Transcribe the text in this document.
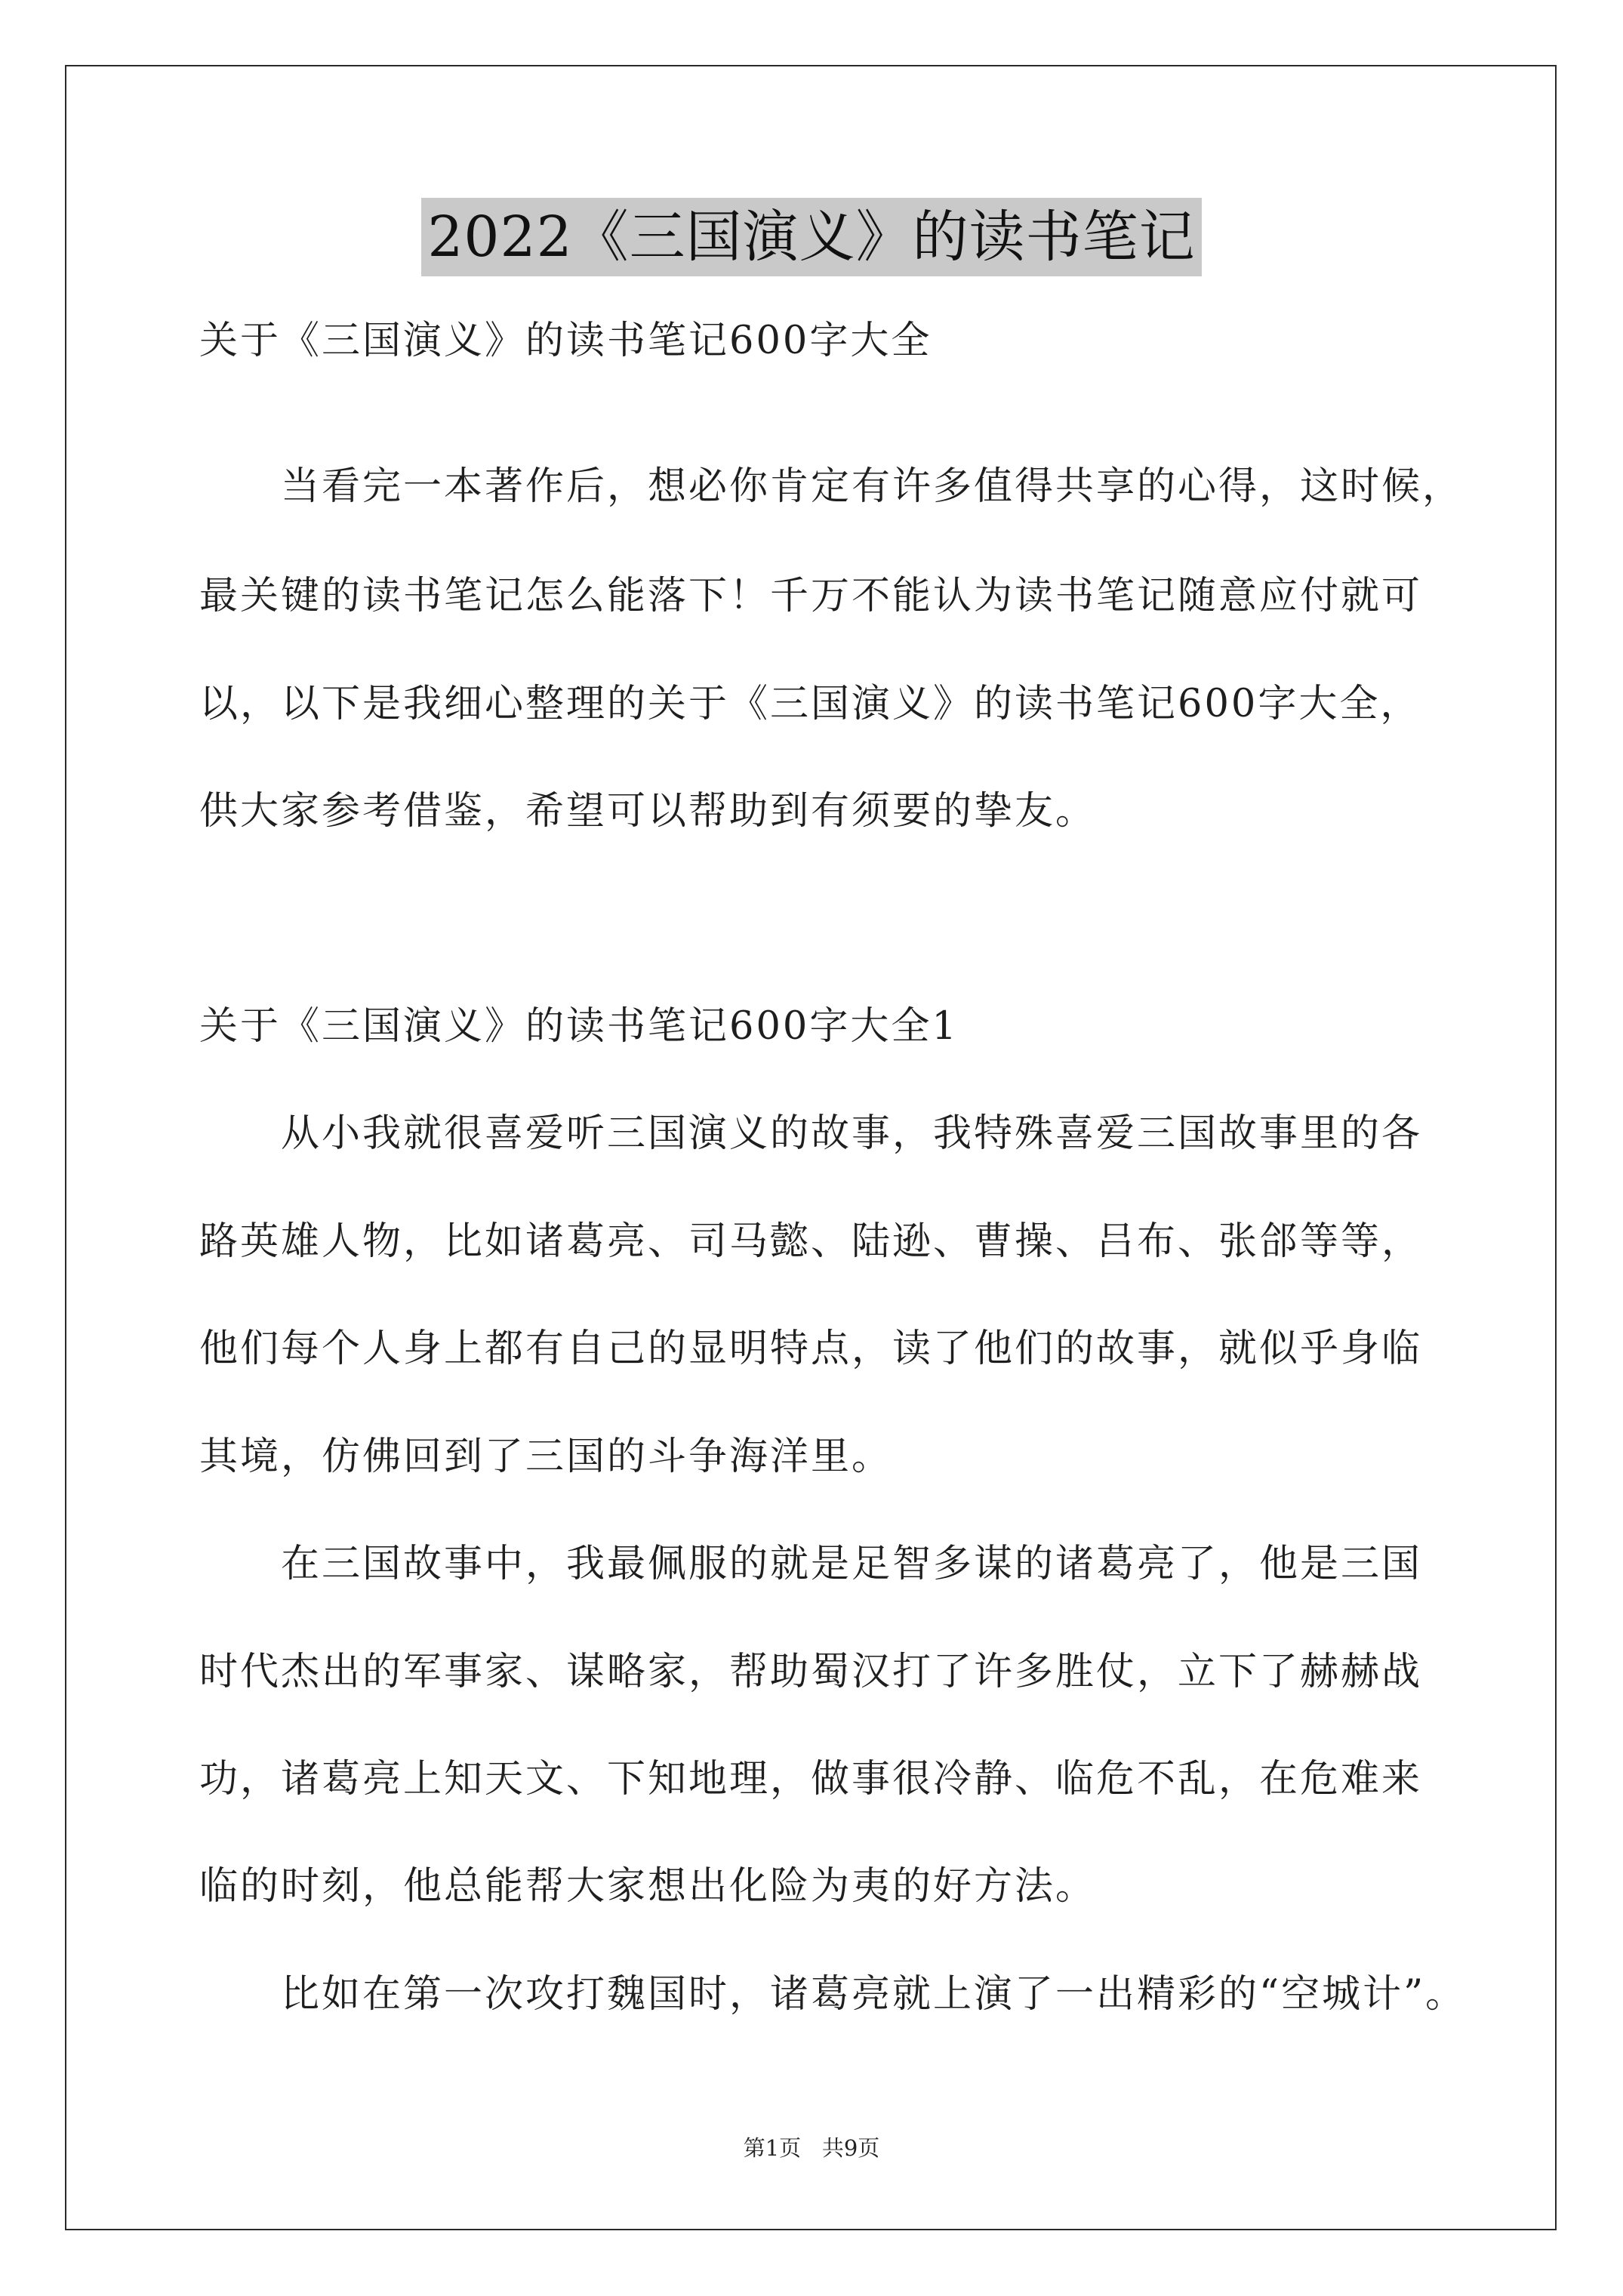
2022《三国演义》的读书笔记
关于《三国演义》的读书笔记600字大全
　　当看完一本著作后，想必你肯定有许多值得共享的心得，这时候，
最关键的读书笔记怎么能落下！千万不能认为读书笔记随意应付就可
以，以下是我细心整理的关于《三国演义》的读书笔记600字大全，
供大家参考借鉴，希望可以帮助到有须要的挚友。
关于《三国演义》的读书笔记600字大全1
　　从小我就很喜爱听三国演义的故事，我特殊喜爱三国故事里的各
路英雄人物，比如诸葛亮、司马懿、陆逊、曹操、吕布、张郃等等，
他们每个人身上都有自己的显明特点，读了他们的故事，就似乎身临
其境，仿佛回到了三国的斗争海洋里。
　　在三国故事中，我最佩服的就是足智多谋的诸葛亮了，他是三国
时代杰出的军事家、谋略家，帮助蜀汉打了许多胜仗，立下了赫赫战
功，诸葛亮上知天文、下知地理，做事很冷静、临危不乱，在危难来
临的时刻，他总能帮大家想出化险为夷的好方法。
　　比如在第一次攻打魏国时，诸葛亮就上演了一出精彩的“空城计”。
第1页 共9页
